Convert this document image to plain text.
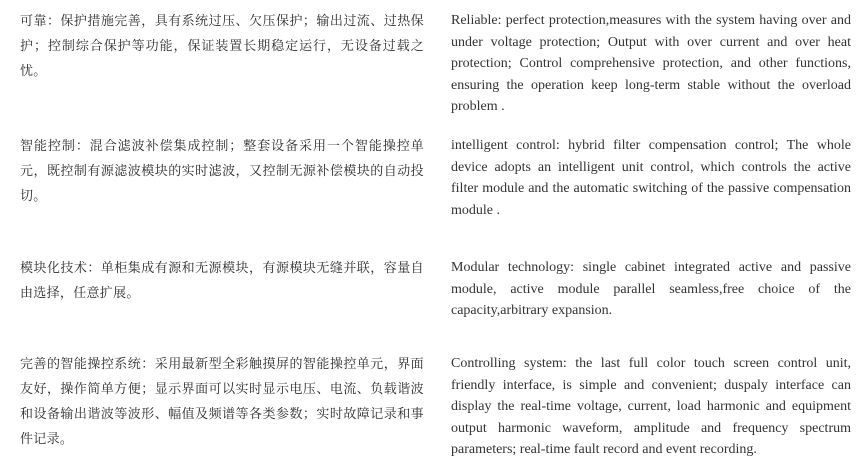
可靠：保护措施完善，具有系统过压、欠压保护；输出过流、过热保护；控制综合保护等功能，保证装置长期稳定运行，无设备过载之忧。
Reliable: perfect protection,measures with the system having over and under voltage protection; Output with over current and over heat protection; Control comprehensive protection, and other functions, ensuring the operation keep long-term stable without the overload problem .
智能控制：混合滤波补偿集成控制；整套设备采用一个智能操控单元，既控制有源滤波模块的实时滤波，又控制无源补偿模块的自动投切。
intelligent control: hybrid filter compensation control; The whole device adopts an intelligent unit control, which controls the active filter module and the automatic switching of the passive compensation module .
模块化技术：单柜集成有源和无源模块，有源模块无缝并联，容量自由选择，任意扩展。
Modular technology: single cabinet integrated active and passive module, active module parallel seamless,free choice of the capacity,arbitrary expansion.
完善的智能操控系统：采用最新型全彩触摸屏的智能操控单元，界面友好，操作简单方便；显示界面可以实时显示电压、电流、负载谐波和设备输出谐波等波形、幅值及频谱等各类参数；实时故障记录和事件记录。
Controlling system: the last full color touch screen control unit, friendly interface, is simple and convenient; duspaly interface can display the real-time voltage, current, load harmonic and equipment output harmonic waveform, amplitude and frequency spectrum parameters; real-time fault record and event recording.
